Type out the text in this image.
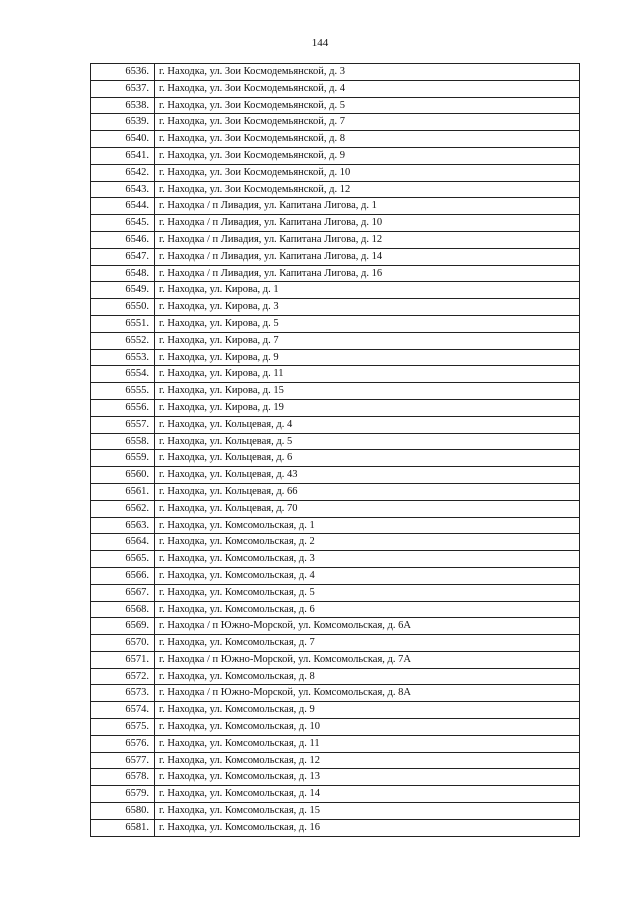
144
6536.	г. Находка, ул. Зои Космодемьянской, д. 3
6537.	г. Находка, ул. Зои Космодемьянской, д. 4
6538.	г. Находка, ул. Зои Космодемьянской, д. 5
6539.	г. Находка, ул. Зои Космодемьянской, д. 7
6540.	г. Находка, ул. Зои Космодемьянской, д. 8
6541.	г. Находка, ул. Зои Космодемьянской, д. 9
6542.	г. Находка, ул. Зои Космодемьянской, д. 10
6543.	г. Находка, ул. Зои Космодемьянской, д. 12
6544.	г. Находка / п Ливадия, ул. Капитана Лигова, д. 1
6545.	г. Находка / п Ливадия, ул. Капитана Лигова, д. 10
6546.	г. Находка / п Ливадия, ул. Капитана Лигова, д. 12
6547.	г. Находка / п Ливадия, ул. Капитана Лигова, д. 14
6548.	г. Находка / п Ливадия, ул. Капитана Лигова, д. 16
6549.	г. Находка, ул. Кирова, д. 1
6550.	г. Находка, ул. Кирова, д. 3
6551.	г. Находка, ул. Кирова, д. 5
6552.	г. Находка, ул. Кирова, д. 7
6553.	г. Находка, ул. Кирова, д. 9
6554.	г. Находка, ул. Кирова, д. 11
6555.	г. Находка, ул. Кирова, д. 15
6556.	г. Находка, ул. Кирова, д. 19
6557.	г. Находка, ул. Кольцевая, д. 4
6558.	г. Находка, ул. Кольцевая, д. 5
6559.	г. Находка, ул. Кольцевая, д. 6
6560.	г. Находка, ул. Кольцевая, д. 43
6561.	г. Находка, ул. Кольцевая, д. 66
6562.	г. Находка, ул. Кольцевая, д. 70
6563.	г. Находка, ул. Комсомольская, д. 1
6564.	г. Находка, ул. Комсомольская, д. 2
6565.	г. Находка, ул. Комсомольская, д. 3
6566.	г. Находка, ул. Комсомольская, д. 4
6567.	г. Находка, ул. Комсомольская, д. 5
6568.	г. Находка, ул. Комсомольская, д. 6
6569.	г. Находка / п Южно-Морской, ул. Комсомольская, д. 6А
6570.	г. Находка, ул. Комсомольская, д. 7
6571.	г. Находка / п Южно-Морской, ул. Комсомольская, д. 7А
6572.	г. Находка, ул. Комсомольская, д. 8
6573.	г. Находка / п Южно-Морской, ул. Комсомольская, д. 8А
6574.	г. Находка, ул. Комсомольская, д. 9
6575.	г. Находка, ул. Комсомольская, д. 10
6576.	г. Находка, ул. Комсомольская, д. 11
6577.	г. Находка, ул. Комсомольская, д. 12
6578.	г. Находка, ул. Комсомольская, д. 13
6579.	г. Находка, ул. Комсомольская, д. 14
6580.	г. Находка, ул. Комсомольская, д. 15
6581.	г. Находка, ул. Комсомольская, д. 16
